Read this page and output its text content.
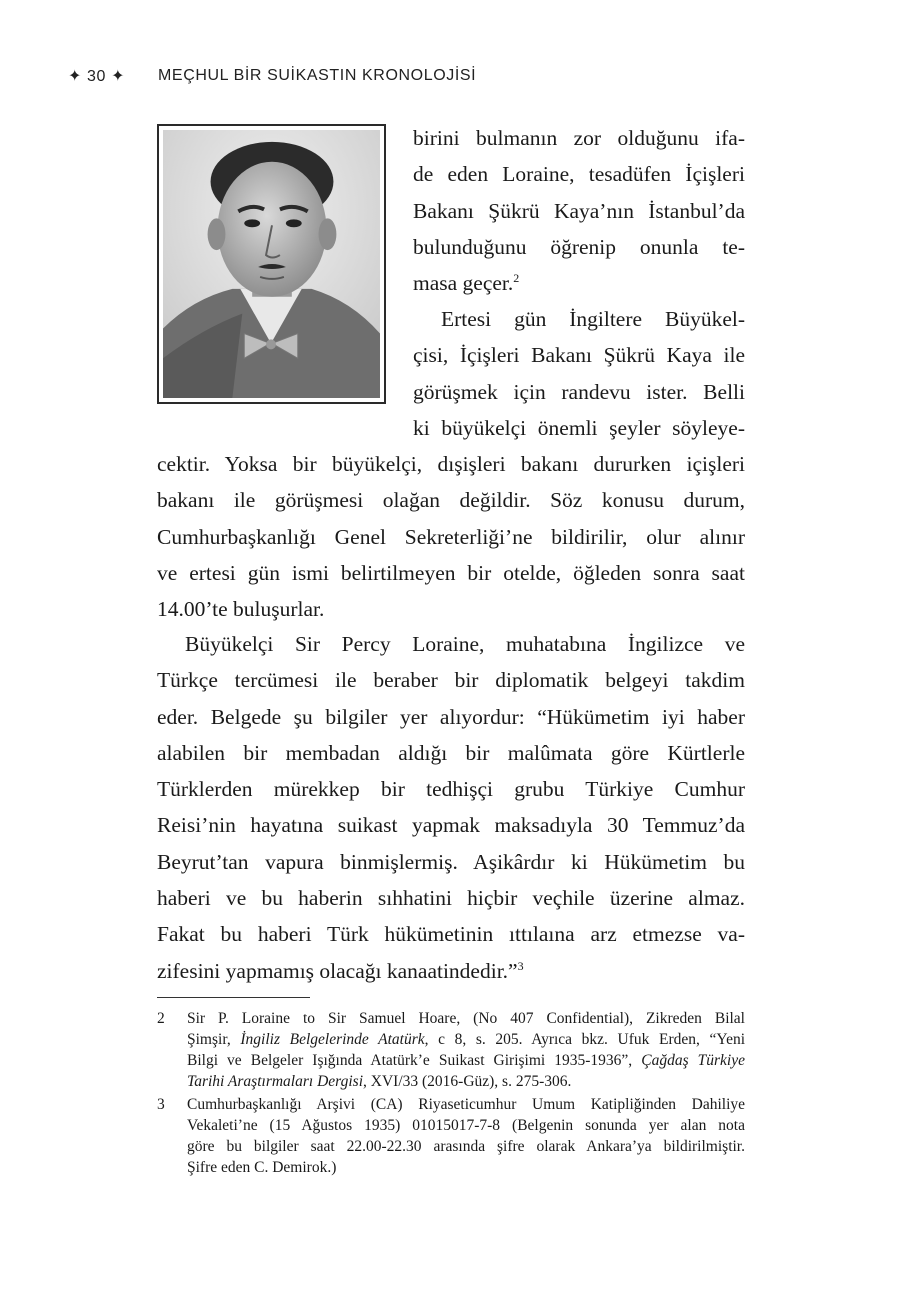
✦ 30 ✦	MEÇHUL BİR SUİKASTIN KRONOLOJİSİ
birini bulmanın zor olduğunu ifa-
de eden Loraine, tesadüfen İçişleri
Bakanı Şükrü Kaya’nın İstanbul’da
bulunduğunu öğrenip onunla te-
masa geçer.$^2$
Ertesi gün İngiltere Büyükel-
çisi, İçişleri Bakanı Şükrü Kaya ile
görüşmek için randevu ister. Belli
ki büyükelçi önemli şeyler söyleye-
cektir. Yoksa bir büyükelçi, dışişleri bakanı dururken içişleri
bakanı ile görüşmesi olağan değildir. Söz konusu durum,
Cumhurbaşkanlığı Genel Sekreterliği’ne bildirilir, olur alınır
ve ertesi gün ismi belirtilmeyen bir otelde, öğleden sonra saat
14.00’te buluşurlar.
Büyükelçi Sir Percy Loraine, muhatabına İngilizce ve
Türkçe tercümesi ile beraber bir diplomatik belgeyi takdim
eder. Belgede şu bilgiler yer alıyordur: “Hükümetim iyi haber
alabilen bir membadan aldığı bir malûmata göre Kürtlerle
Türklerden mürekkep bir tedhişçi grubu Türkiye Cumhur
Reisi’nin hayatına suikast yapmak maksadıyla 30 Temmuz’da
Beyrut’tan vapura binmişlermiş. Aşikârdır ki Hükümetim bu
haberi ve bu haberin sıhhatini hiçbir veçhile üzerine almaz.
Fakat bu haberi Türk hükümetinin ıttılaına arz etmezse va-
zifesini yapmamış olacağı kanaatindedir.”$^3$
2	Sir P. Loraine to Sir Samuel Hoare, (No 407 Confidential), Zikreden Bilal
Şimşir, İngiliz Belgelerinde Atatürk, c 8, s. 205. Ayrıca bkz. Ufuk Erden, “Yeni
Bilgi ve Belgeler Işığında Atatürk’e Suikast Girişimi 1935-1936”, Çağdaş Türkiye
Tarihi Araştırmaları Dergisi, XVI/33 (2016-Güz), s. 275-306.
3	Cumhurbaşkanlığı Arşivi (CA) Riyaseticumhur Umum Katipliğinden Dahiliye
Vekaleti’ne (15 Ağustos 1935) 01015017-7-8 (Belgenin sonunda yer alan nota
göre bu bilgiler saat 22.00-22.30 arasında şifre olarak Ankara’ya bildirilmiştir.
Şifre eden C. Demirok.)
